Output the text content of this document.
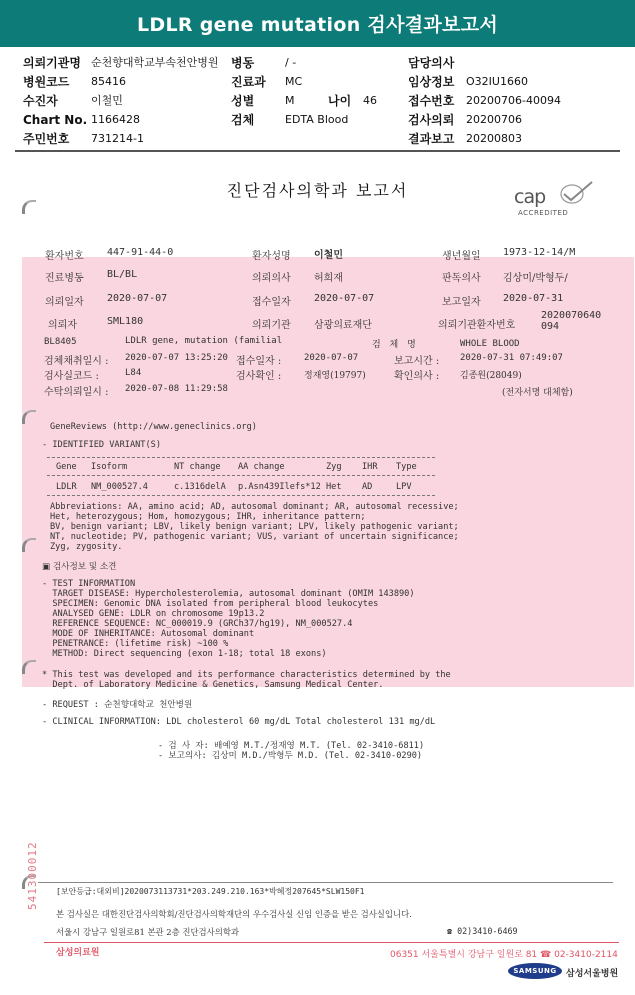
LDLR gene mutation 검사결과보고서
의뢰기관명 순천향대학교부속천안병원 병동	/ -	담당의사
병원코드 85416	진료과 MC	임상정보 O32IU1660
수진자	이철민	성별	M	나이 46	접수번호 20200706-40094
Chart No. 1166428	검체	EDTA Blood	검사의뢰 20200706
주민번호 731214-1	결과보고 20200803
진단검사의학과 보고서	cap
ACCREDITED
환자번호 447-91-44-0	환자성명 이철민	생년월일 1973-12-14/M
진료병동 BL/BL	의뢰의사 허희재	판독의사 김상미/박형두/
의뢰일자 2020-07-07	접수일자 2020-07-07	보고일자 2020-07-31
의뢰자	SML180	의뢰기관 삼광의료재단	의뢰기관환자번호
2020070640094
BL8405	LDLR gene, mutation (familial	검 체 명	WHOLE BLOOD
검체채취일시 : 2020-07-07 13:25:20 접수일자 :	2020-07-07	보고시간 : 2020-07-31 07:49:07
검사실코드 :	L84	검사확인 :	정재영(19797)	확인의사 : 김종원(28049)
수탁의뢰일시 : 2020-07-08 11:29:58	(전자서명 대체함)
GeneReviews (http://www.geneclinics.org)
- IDENTIFIED VARIANT(S)
Gene Isoform	NT change AA change	Zyg IHR Type
LDLR NM_000527.4	c.1316delA p.Asn439Ilefs*12 Het AD	LPV
Abbreviations: AA, amino acid; AD, autosomal dominant; AR, autosomal recessive;
Het, heterozygous; Hom, homozygous; IHR, inheritance pattern;
BV, benign variant; LBV, likely benign variant; LPV, likely pathogenic variant;
NT, nucleotide; PV, pathogenic variant; VUS, variant of uncertain significance;
Zyg, zygosity.
▣ 검사정보 및 소견
- TEST INFORMATION
TARGET DISEASE: Hypercholesterolemia, autosomal dominant (OMIM 143890)
SPECIMEN: Genomic DNA isolated from peripheral blood leukocytes
ANALYSED GENE: LDLR on chromosome 19p13.2
REFERENCE SEQUENCE: NC_000019.9 (GRCh37/hg19), NM_000527.4
MODE OF INHERITANCE: Autosomal dominant
PENETRANCE: (lifetime risk) ~100 %
METHOD: Direct sequencing (exon 1-18; total 18 exons)
* This test was developed and its performance characteristics determined by the
Dept. of Laboratory Medicine & Genetics, Samsung Medical Center.
- REQUEST : 순천향대학교 천안병원
- CLINICAL INFORMATION: LDL cholesterol 60 mg/dL Total cholesterol 131 mg/dL
- 검 사 자: 배예영 M.T./정재영 M.T. (Tel. 02-3410-6811)
- 보고의사: 김상미 M.D./박형두 M.D. (Tel. 02-3410-0290)
541300012 [보안등급:대외비]2020073113731*203.249.210.163*박혜정207645*SLW150F1
본 검사실은 대한진단검사의학회/진단검사의학재단의 우수검사실 신임 인증을 받은 검사실입니다.
서울시 강남구 일원로81 본관 2층 진단검사의학과	☎ 02)3410-6469
삼성의료원	06351 서울특별시 강남구 일원로 81 ☎ 02-3410-2114
SAMSUNG	삼성서울병원
